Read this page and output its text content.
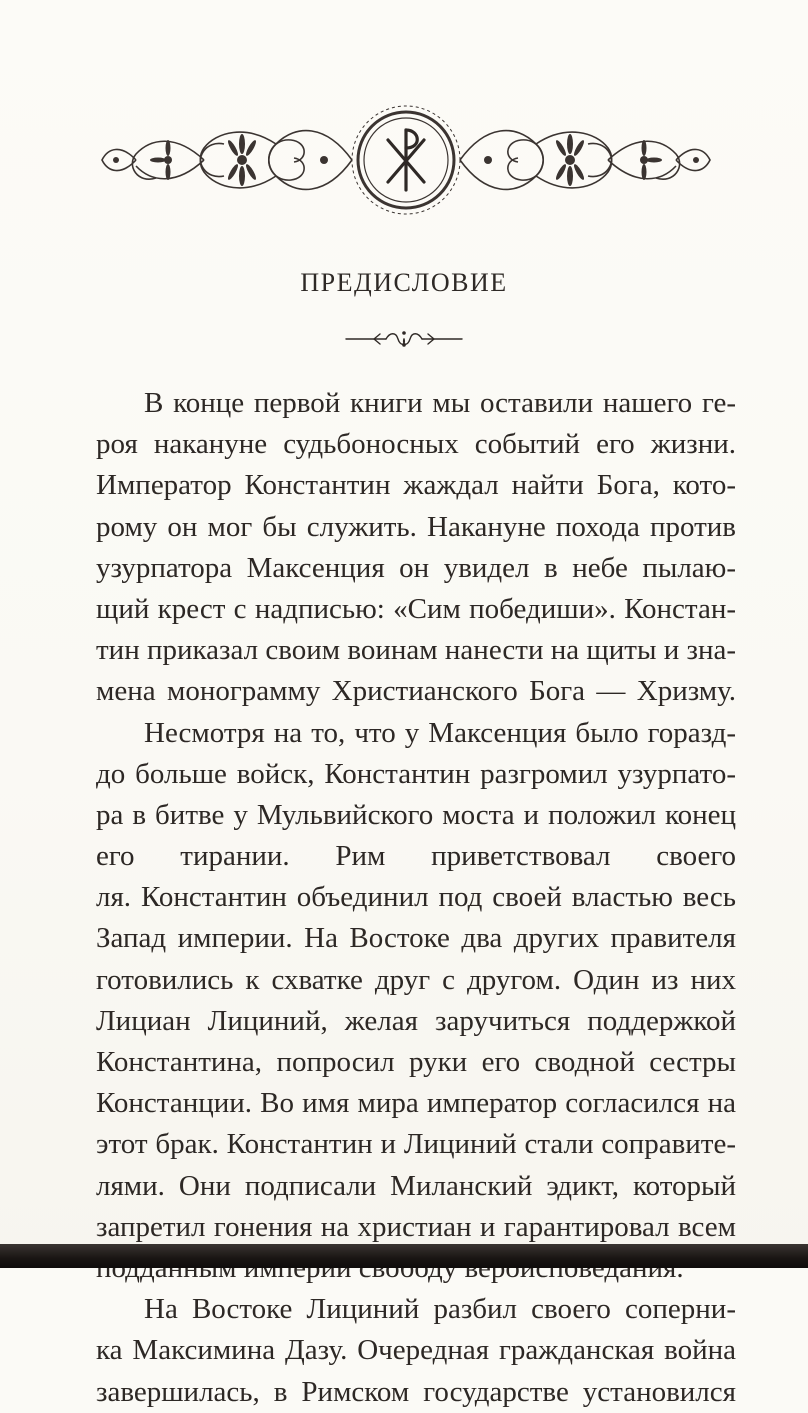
ПРЕДИСЛОВИЕ
В конце первой книги мы оставили нашего ге-
роя накануне судьбоносных событий его жизни.
Император Константин жаждал найти Бога, кото-
рому он мог бы служить. Накануне похода против
узурпатора Максенция он увидел в небе пылаю-
щий крест с надписью: «Сим победиши». Констан-
тин приказал своим воинам нанести на щиты и зна-
мена монограмму Христианского Бога — Хризму.
Несмотря на то, что у Максенция было горазд-
до больше войск, Константин разгромил узурпато-
ра в битве у Мульвийского моста и положил конец
его тирании. Рим приветствовал своего
ля. Константин объединил под своей властью весь
Запад империи. На Востоке два других правителя
готовились к схватке друг с другом. Один из них
Лициан Лициний, желая заручиться поддержкой
Константина, попросил руки его сводной сестры
Констанции. Во имя мира император согласился на
этот брак. Константин и Лициний стали соправите-
лями. Они подписали Миланский эдикт, который
запретил гонения на христиан и гарантировал всем
На Востоке Лициний разбил своего соперни-
ка Максимина Дазу. Очередная гражданская война
завершилась, в Римском государстве установился
